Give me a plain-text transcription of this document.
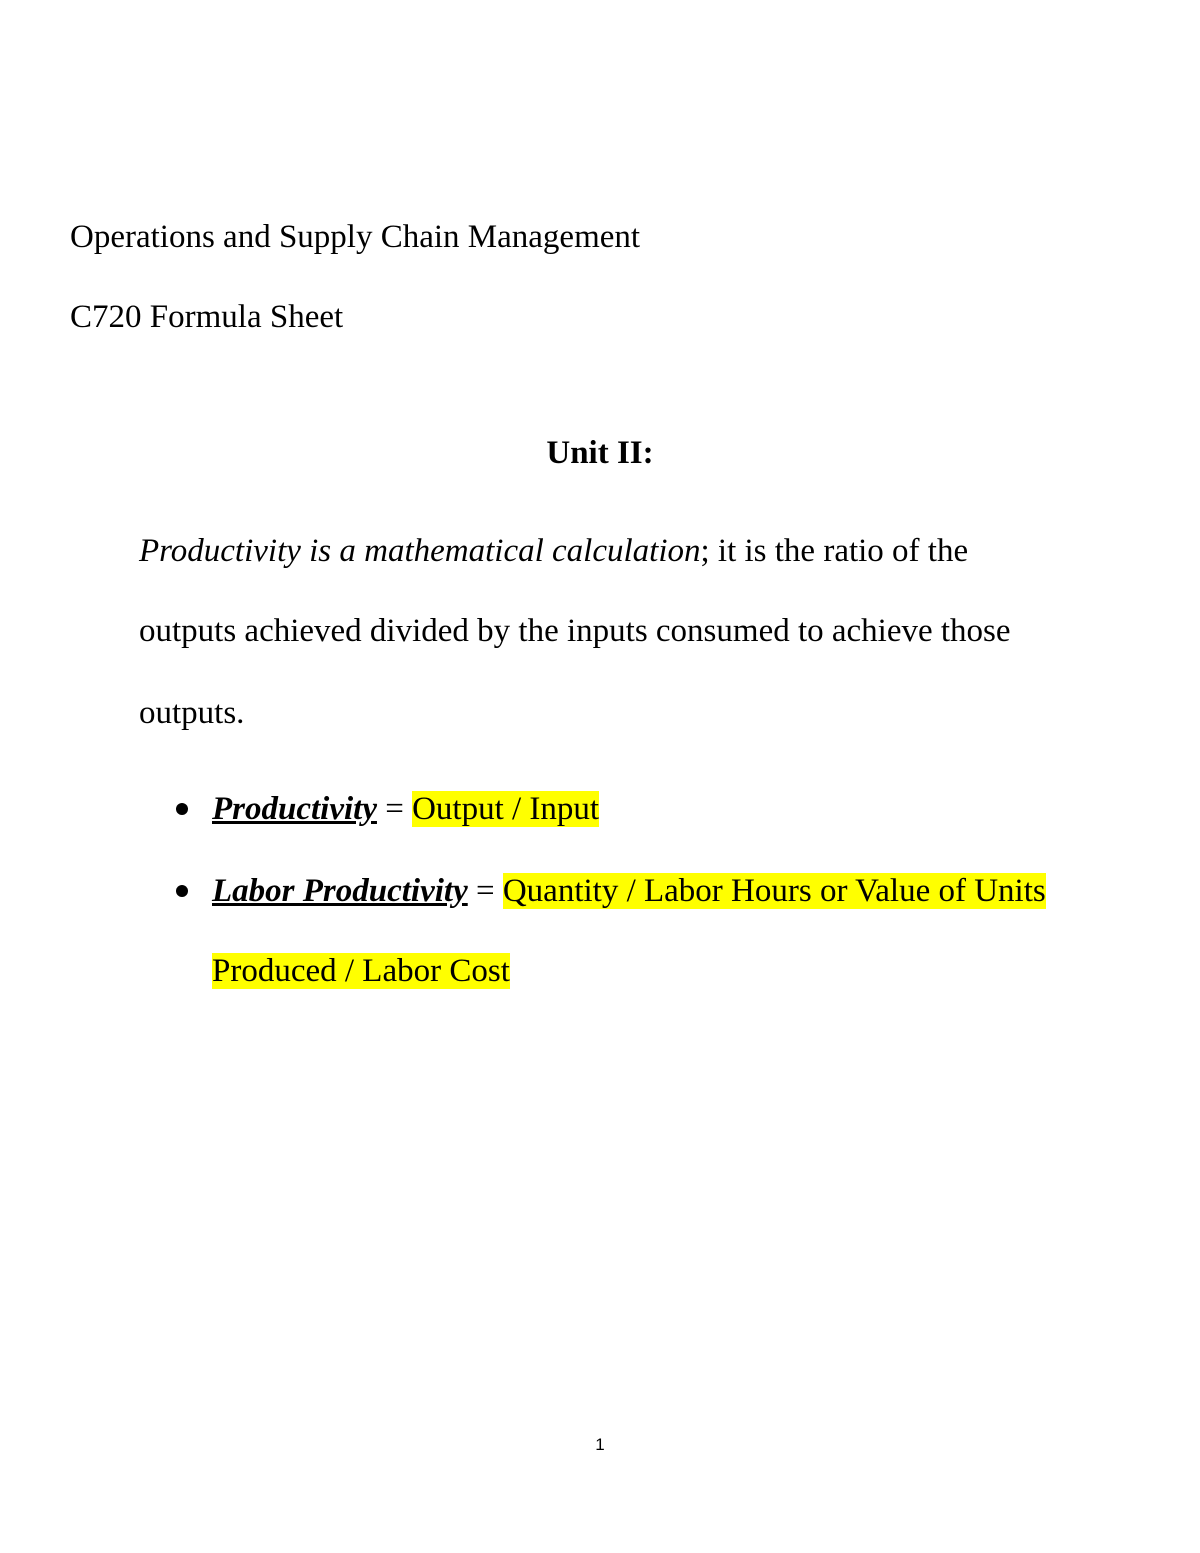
Operations and Supply Chain Management
C720 Formula Sheet
Unit II:
Productivity is a mathematical calculation; it is the ratio of the
outputs achieved divided by the inputs consumed to achieve those
outputs.
Productivity = Output / Input
Labor Productivity = Quantity / Labor Hours or Value of Units
Produced / Labor Cost
1
